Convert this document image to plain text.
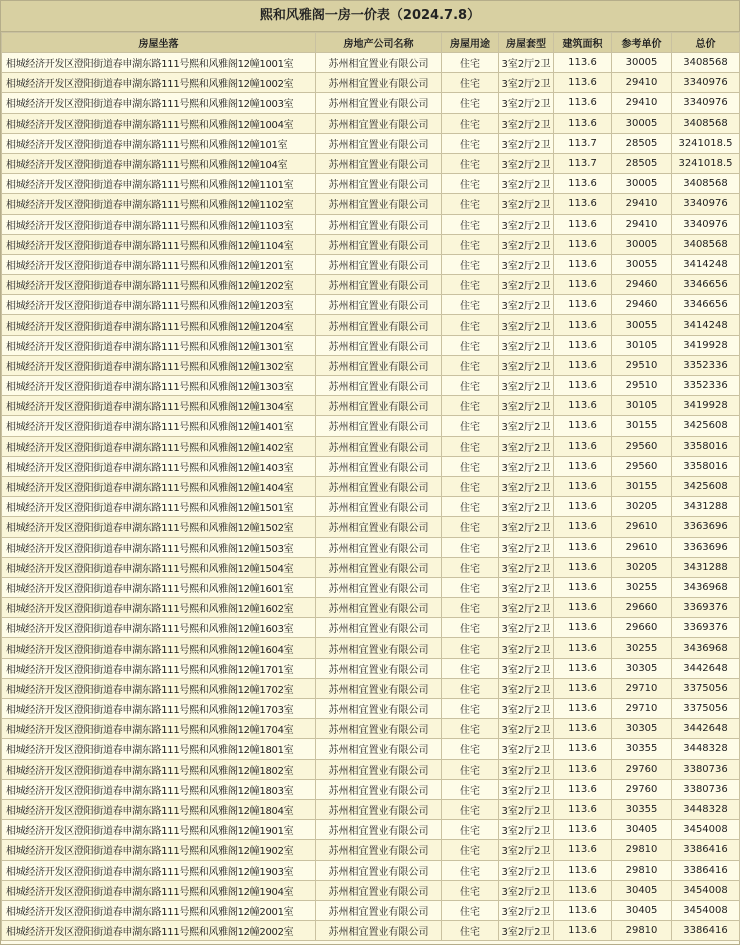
熙和风雅阁一房一价表（2024.7.8）
房屋坐落	房地产公司名称	房屋用途	房屋套型	建筑面积	参考单价	总价
相城经济开发区澄阳街道春申湖东路111号熙和风雅阁12幢1001室	苏州相宜置业有限公司	住宅	3室2厅2卫	113.6	30005	3408568
相城经济开发区澄阳街道春申湖东路111号熙和风雅阁12幢1002室	苏州相宜置业有限公司	住宅	3室2厅2卫	113.6	29410	3340976
相城经济开发区澄阳街道春申湖东路111号熙和风雅阁12幢1003室	苏州相宜置业有限公司	住宅	3室2厅2卫	113.6	29410	3340976
相城经济开发区澄阳街道春申湖东路111号熙和风雅阁12幢1004室	苏州相宜置业有限公司	住宅	3室2厅2卫	113.6	30005	3408568
相城经济开发区澄阳街道春申湖东路111号熙和风雅阁12幢101室	苏州相宜置业有限公司	住宅	3室2厅2卫	113.7	28505	3241018.5
相城经济开发区澄阳街道春申湖东路111号熙和风雅阁12幢104室	苏州相宜置业有限公司	住宅	3室2厅2卫	113.7	28505	3241018.5
相城经济开发区澄阳街道春申湖东路111号熙和风雅阁12幢1101室	苏州相宜置业有限公司	住宅	3室2厅2卫	113.6	30005	3408568
相城经济开发区澄阳街道春申湖东路111号熙和风雅阁12幢1102室	苏州相宜置业有限公司	住宅	3室2厅2卫	113.6	29410	3340976
相城经济开发区澄阳街道春申湖东路111号熙和风雅阁12幢1103室	苏州相宜置业有限公司	住宅	3室2厅2卫	113.6	29410	3340976
相城经济开发区澄阳街道春申湖东路111号熙和风雅阁12幢1104室	苏州相宜置业有限公司	住宅	3室2厅2卫	113.6	30005	3408568
相城经济开发区澄阳街道春申湖东路111号熙和风雅阁12幢1201室	苏州相宜置业有限公司	住宅	3室2厅2卫	113.6	30055	3414248
相城经济开发区澄阳街道春申湖东路111号熙和风雅阁12幢1202室	苏州相宜置业有限公司	住宅	3室2厅2卫	113.6	29460	3346656
相城经济开发区澄阳街道春申湖东路111号熙和风雅阁12幢1203室	苏州相宜置业有限公司	住宅	3室2厅2卫	113.6	29460	3346656
相城经济开发区澄阳街道春申湖东路111号熙和风雅阁12幢1204室	苏州相宜置业有限公司	住宅	3室2厅2卫	113.6	30055	3414248
相城经济开发区澄阳街道春申湖东路111号熙和风雅阁12幢1301室	苏州相宜置业有限公司	住宅	3室2厅2卫	113.6	30105	3419928
相城经济开发区澄阳街道春申湖东路111号熙和风雅阁12幢1302室	苏州相宜置业有限公司	住宅	3室2厅2卫	113.6	29510	3352336
相城经济开发区澄阳街道春申湖东路111号熙和风雅阁12幢1303室	苏州相宜置业有限公司	住宅	3室2厅2卫	113.6	29510	3352336
相城经济开发区澄阳街道春申湖东路111号熙和风雅阁12幢1304室	苏州相宜置业有限公司	住宅	3室2厅2卫	113.6	30105	3419928
相城经济开发区澄阳街道春申湖东路111号熙和风雅阁12幢1401室	苏州相宜置业有限公司	住宅	3室2厅2卫	113.6	30155	3425608
相城经济开发区澄阳街道春申湖东路111号熙和风雅阁12幢1402室	苏州相宜置业有限公司	住宅	3室2厅2卫	113.6	29560	3358016
相城经济开发区澄阳街道春申湖东路111号熙和风雅阁12幢1403室	苏州相宜置业有限公司	住宅	3室2厅2卫	113.6	29560	3358016
相城经济开发区澄阳街道春申湖东路111号熙和风雅阁12幢1404室	苏州相宜置业有限公司	住宅	3室2厅2卫	113.6	30155	3425608
相城经济开发区澄阳街道春申湖东路111号熙和风雅阁12幢1501室	苏州相宜置业有限公司	住宅	3室2厅2卫	113.6	30205	3431288
相城经济开发区澄阳街道春申湖东路111号熙和风雅阁12幢1502室	苏州相宜置业有限公司	住宅	3室2厅2卫	113.6	29610	3363696
相城经济开发区澄阳街道春申湖东路111号熙和风雅阁12幢1503室	苏州相宜置业有限公司	住宅	3室2厅2卫	113.6	29610	3363696
相城经济开发区澄阳街道春申湖东路111号熙和风雅阁12幢1504室	苏州相宜置业有限公司	住宅	3室2厅2卫	113.6	30205	3431288
相城经济开发区澄阳街道春申湖东路111号熙和风雅阁12幢1601室	苏州相宜置业有限公司	住宅	3室2厅2卫	113.6	30255	3436968
相城经济开发区澄阳街道春申湖东路111号熙和风雅阁12幢1602室	苏州相宜置业有限公司	住宅	3室2厅2卫	113.6	29660	3369376
相城经济开发区澄阳街道春申湖东路111号熙和风雅阁12幢1603室	苏州相宜置业有限公司	住宅	3室2厅2卫	113.6	29660	3369376
相城经济开发区澄阳街道春申湖东路111号熙和风雅阁12幢1604室	苏州相宜置业有限公司	住宅	3室2厅2卫	113.6	30255	3436968
相城经济开发区澄阳街道春申湖东路111号熙和风雅阁12幢1701室	苏州相宜置业有限公司	住宅	3室2厅2卫	113.6	30305	3442648
相城经济开发区澄阳街道春申湖东路111号熙和风雅阁12幢1702室	苏州相宜置业有限公司	住宅	3室2厅2卫	113.6	29710	3375056
相城经济开发区澄阳街道春申湖东路111号熙和风雅阁12幢1703室	苏州相宜置业有限公司	住宅	3室2厅2卫	113.6	29710	3375056
相城经济开发区澄阳街道春申湖东路111号熙和风雅阁12幢1704室	苏州相宜置业有限公司	住宅	3室2厅2卫	113.6	30305	3442648
相城经济开发区澄阳街道春申湖东路111号熙和风雅阁12幢1801室	苏州相宜置业有限公司	住宅	3室2厅2卫	113.6	30355	3448328
相城经济开发区澄阳街道春申湖东路111号熙和风雅阁12幢1802室	苏州相宜置业有限公司	住宅	3室2厅2卫	113.6	29760	3380736
相城经济开发区澄阳街道春申湖东路111号熙和风雅阁12幢1803室	苏州相宜置业有限公司	住宅	3室2厅2卫	113.6	29760	3380736
相城经济开发区澄阳街道春申湖东路111号熙和风雅阁12幢1804室	苏州相宜置业有限公司	住宅	3室2厅2卫	113.6	30355	3448328
相城经济开发区澄阳街道春申湖东路111号熙和风雅阁12幢1901室	苏州相宜置业有限公司	住宅	3室2厅2卫	113.6	30405	3454008
相城经济开发区澄阳街道春申湖东路111号熙和风雅阁12幢1902室	苏州相宜置业有限公司	住宅	3室2厅2卫	113.6	29810	3386416
相城经济开发区澄阳街道春申湖东路111号熙和风雅阁12幢1903室	苏州相宜置业有限公司	住宅	3室2厅2卫	113.6	29810	3386416
相城经济开发区澄阳街道春申湖东路111号熙和风雅阁12幢1904室	苏州相宜置业有限公司	住宅	3室2厅2卫	113.6	30405	3454008
相城经济开发区澄阳街道春申湖东路111号熙和风雅阁12幢2001室	苏州相宜置业有限公司	住宅	3室2厅2卫	113.6	30405	3454008
相城经济开发区澄阳街道春申湖东路111号熙和风雅阁12幢2002室	苏州相宜置业有限公司	住宅	3室2厅2卫	113.6	29810	3386416
